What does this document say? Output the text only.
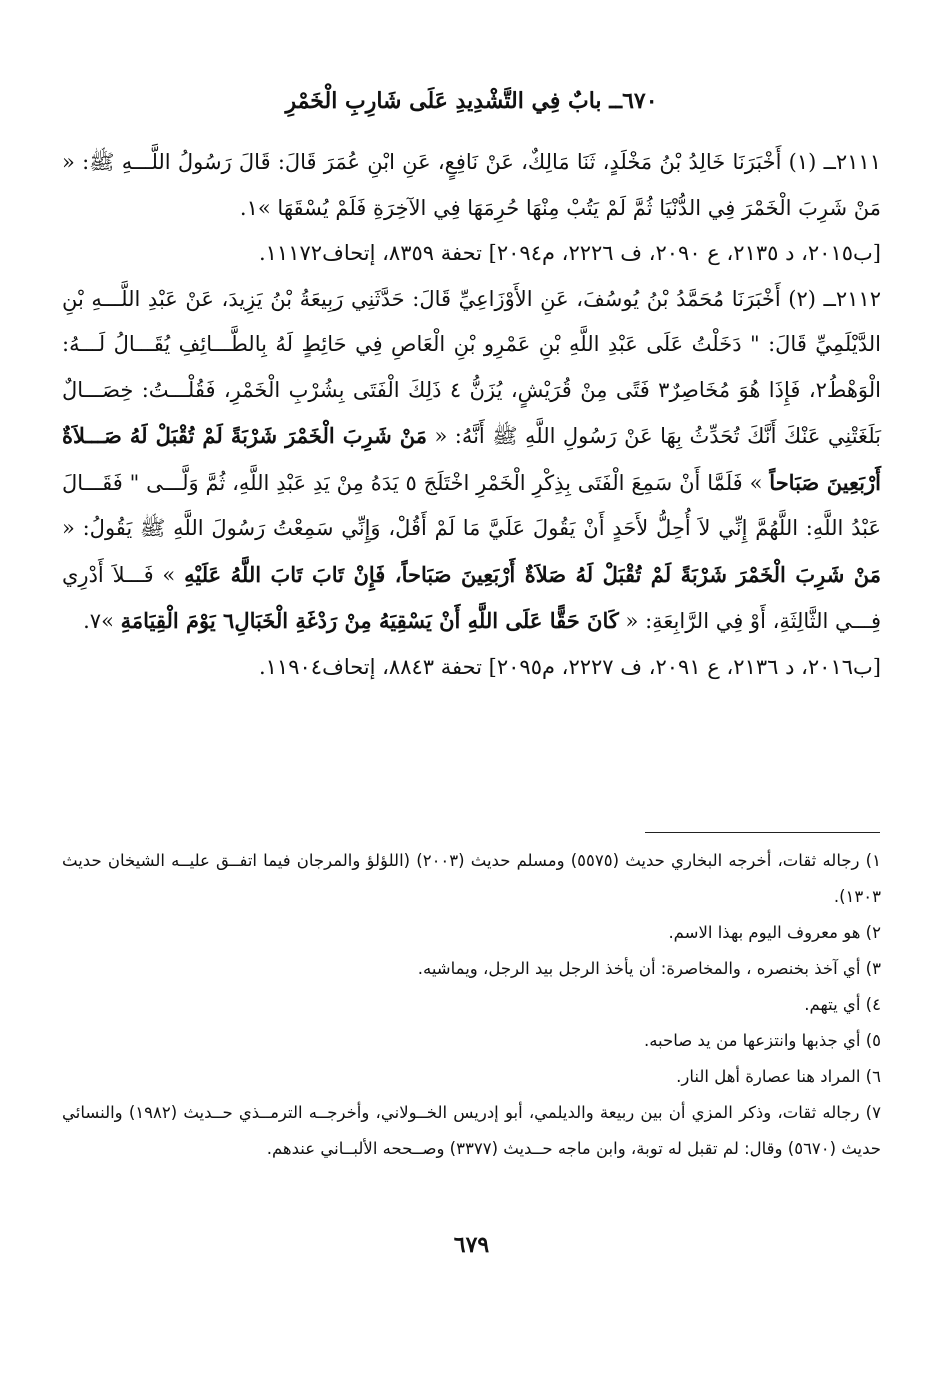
٦٧٠ــ بابٌ فِي التَّشْدِيدِ عَلَى شَارِبِ الْخَمْرِ

٢١١١ــ (١) أَخْبَرَنَا خَالِدُ بْنُ مَخْلَدٍ، ثَنَا مَالِكٌ، عَنْ نَافِعٍ، عَنِ ابْنِ عُمَرَ قَالَ: قَالَ رَسُولُ اللَّـــهِ ﷺ: « مَنْ شَرِبَ الْخَمْرَ فِي الدُّنْيَا ثُمَّ لَمْ يَتُبْ مِنْهَا حُرِمَهَا فِي الآخِرَةِ فَلَمْ يُسْقَهَا »١.

[ب٢٠١٥، د ٢١٣٥، ع ٢٠٩٠، ف ٢٢٢٦، م٢٠٩٤] تحفة ٨٣٥٩، إتحاف١١١٧٢.

٢١١٢ــ (٢) أَخْبَرَنَا مُحَمَّدُ بْنُ يُوسُفَ، عَنِ الأَوْزَاعِيِّ قَالَ: حَدَّثَنِي رَبِيعَةُ بْنُ يَزِيدَ، عَنْ عَبْدِ اللَّـــهِ بْنِ الدَّيْلَمِيِّ قَالَ: " دَخَلْتُ عَلَى عَبْدِ اللَّهِ بْنِ عَمْرِو بْنِ الْعَاصِ فِي حَائِطٍ لَهُ بِالطَّـــائِفِ يُقَـــالُ لَـــهُ: الْوَهْطُ٢، فَإِذَا هُوَ مُخَاصِرٌ٣ فَتًى مِنْ قُرَيْشٍ، يُزَنُّ ٤ ذَلِكَ الْفَتَى بِشُرْبِ الْخَمْرِ، فَقُلْـــتُ: خِصَـــالٌ بَلَغَتْنِي عَنْكَ أَنَّكَ تُحَدِّثُ بِهَا عَنْ رَسُولِ اللَّهِ ﷺ أَنَّهُ: « مَنْ شَرِبَ الْخَمْرَ شَرْبَةً لَمْ تُقْبَلْ لَهُ صَـــلاَةٌ أَرْبَعِينَ صَبَاحاً » فَلَمَّا أَنْ سَمِعَ الْفَتَى بِذِكْرِ الْخَمْرِ اخْتَلَجَ ٥ يَدَهُ مِنْ يَدِ عَبْدِ اللَّهِ، ثُمَّ وَلَّـــى " فَقَـــالَ عَبْدُ اللَّهِ: اللَّهُمَّ إِنِّي لاَ أُحِلُّ لأَحَدٍ أَنْ يَقُولَ عَلَيَّ مَا لَمْ أَقُلْ، وَإِنِّي سَمِعْتُ رَسُولَ اللَّهِ ﷺ يَقُولُ: « مَنْ شَرِبَ الْخَمْرَ شَرْبَةً لَمْ تُقْبَلْ لَهُ صَلاَةٌ أَرْبَعِينَ صَبَاحاً، فَإِنْ تَابَ تَابَ اللَّهُ عَلَيْهِ » فَـــلاَ أَدْرِي فِـــي الثَّالِثَةِ، أَوْ فِي الرَّابِعَةِ: « كَانَ حَقًّا عَلَى اللَّهِ أَنْ يَسْقِيَهُ مِنْ رَدْغَةِ الْخَبَالِ٦ يَوْمَ الْقِيَامَةِ »٧.

[ب٢٠١٦، د ٢١٣٦، ع ٢٠٩١، ف ٢٢٢٧، م٢٠٩٥] تحفة ٨٨٤٣، إتحاف١١٩٠٤.

١) رجاله ثقات، أخرجه البخاري حديث (٥٥٧٥) ومسلم حديث (٢٠٠٣) (اللؤلؤ والمرجان فيما اتفــق عليــه الشيخان حديث ١٣٠٣).

٢) هو معروف اليوم بهذا الاسم.

٣) أي آخذ بخنصره ، والمخاصرة: أن يأخذ الرجل بيد الرجل، ويماشيه.

٤) أي يتهم.

٥) أي جذبها وانتزعها من يد صاحبه.

٦) المراد هنا عصارة أهل النار.

٧) رجاله ثقات، وذكر المزي أن بين ربيعة والديلمي، أبو إدريس الخــولاني، وأخرجــه الترمــذي حــديث (١٩٨٢) والنسائي حديث (٥٦٧٠) وقال: لم تقبل له توبة، وابن ماجه حــديث (٣٣٧٧) وصــححه الألبــاني عندهم.

٦٧٩
